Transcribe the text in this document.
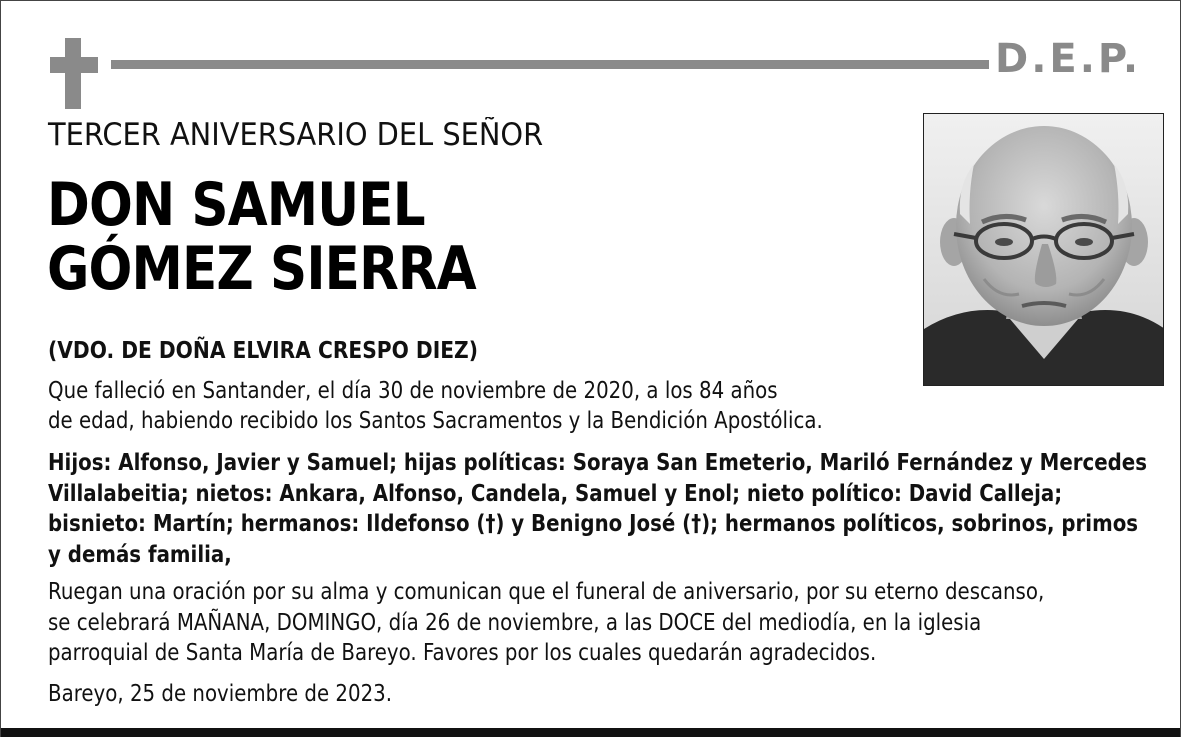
D.E.P.
TERCER ANIVERSARIO DEL SEÑOR
DON SAMUEL
GÓMEZ SIERRA
(VDO. DE DOÑA ELVIRA CRESPO DIEZ)
Que falleció en Santander, el día 30 de noviembre de 2020, a los 84 años
de edad, habiendo recibido los Santos Sacramentos y la Bendición Apostólica.
Hijos: Alfonso, Javier y Samuel; hijas políticas: Soraya San Emeterio, Mariló Fernández y Mercedes
Villalabeitia; nietos: Ankara, Alfonso, Candela, Samuel y Enol; nieto político: David Calleja;
bisnieto: Martín; hermanos: Ildefonso (†) y Benigno José (†); hermanos políticos, sobrinos, primos
y demás familia,
Ruegan una oración por su alma y comunican que el funeral de aniversario, por su eterno descanso,
se celebrará MAÑANA, DOMINGO, día 26 de noviembre, a las DOCE del mediodía, en la iglesia
parroquial de Santa María de Bareyo. Favores por los cuales quedarán agradecidos.
Bareyo, 25 de noviembre de 2023.
